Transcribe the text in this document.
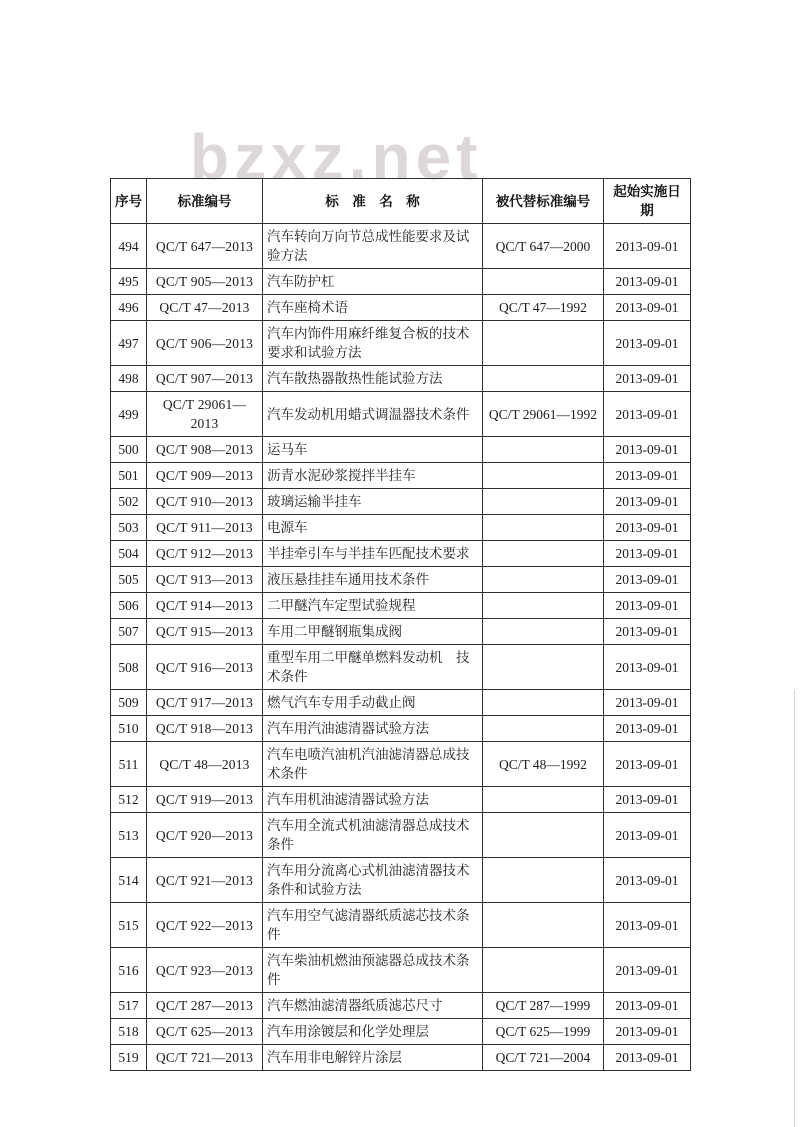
bzxz.net
序号	标准编号	标　准　名　称	被代替标准编号	起始实施日期
494	QC/T 647—2013	汽车转向万向节总成性能要求及试验方法	QC/T 647—2000	2013-09-01
495	QC/T 905—2013	汽车防护杠		2013-09-01
496	QC/T 47—2013	汽车座椅术语	QC/T 47—1992	2013-09-01
497	QC/T 906—2013	汽车内饰件用麻纤维复合板的技术要求和试验方法		2013-09-01
498	QC/T 907—2013	汽车散热器散热性能试验方法		2013-09-01
499	QC/T 29061—2013	汽车发动机用蜡式调温器技术条件	QC/T 29061—1992	2013-09-01
500	QC/T 908—2013	运马车		2013-09-01
501	QC/T 909—2013	沥青水泥砂浆搅拌半挂车		2013-09-01
502	QC/T 910—2013	玻璃运输半挂车		2013-09-01
503	QC/T 911—2013	电源车		2013-09-01
504	QC/T 912—2013	半挂牵引车与半挂车匹配技术要求		2013-09-01
505	QC/T 913—2013	液压悬挂挂车通用技术条件		2013-09-01
506	QC/T 914—2013	二甲醚汽车定型试验规程		2013-09-01
507	QC/T 915—2013	车用二甲醚钢瓶集成阀		2013-09-01
508	QC/T 916—2013	重型车用二甲醚单燃料发动机　技术条件		2013-09-01
509	QC/T 917—2013	燃气汽车专用手动截止阀		2013-09-01
510	QC/T 918—2013	汽车用汽油滤清器试验方法		2013-09-01
511	QC/T 48—2013	汽车电喷汽油机汽油滤清器总成技术条件	QC/T 48—1992	2013-09-01
512	QC/T 919—2013	汽车用机油滤清器试验方法		2013-09-01
513	QC/T 920—2013	汽车用全流式机油滤清器总成技术条件		2013-09-01
514	QC/T 921—2013	汽车用分流离心式机油滤清器技术条件和试验方法		2013-09-01
515	QC/T 922—2013	汽车用空气滤清器纸质滤芯技术条件		2013-09-01
516	QC/T 923—2013	汽车柴油机燃油预滤器总成技术条件		2013-09-01
517	QC/T 287—2013	汽车燃油滤清器纸质滤芯尺寸	QC/T 287—1999	2013-09-01
518	QC/T 625—2013	汽车用涂镀层和化学处理层	QC/T 625—1999	2013-09-01
519	QC/T 721—2013	汽车用非电解锌片涂层	QC/T 721—2004	2013-09-01
